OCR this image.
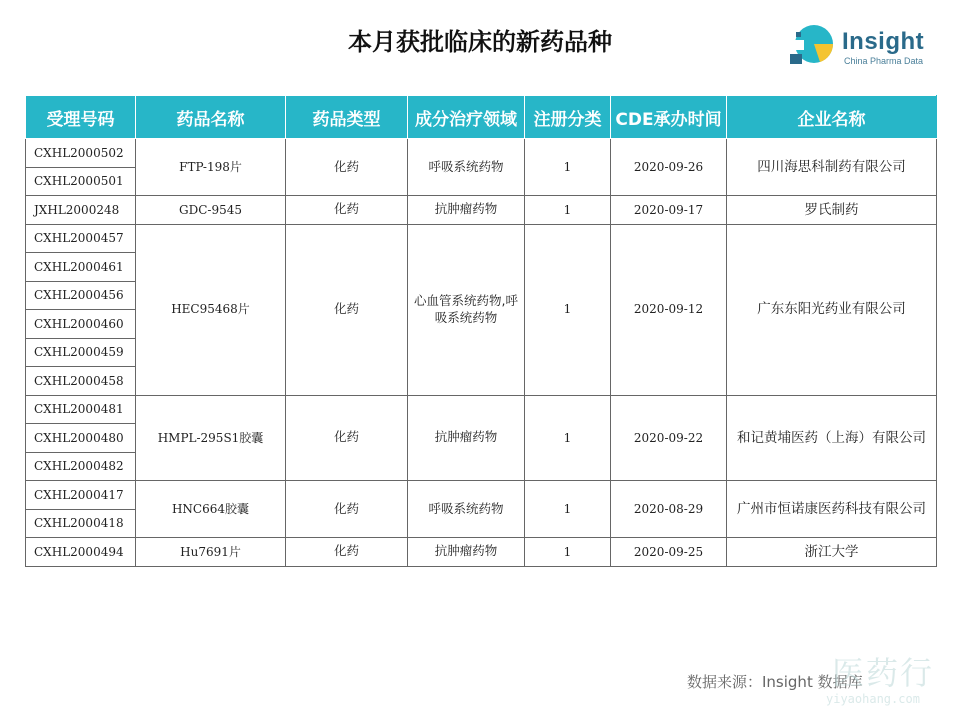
本月获批临床的新药品种	Insight
China Pharma Data
受理号码	药品名称	药品类型	成分治疗领域	注册分类	CDE承办时间	企业名称
CXHL2000502	FTP-198片	化药	呼吸系统药物	1	2020-09-26	四川海思科制药有限公司
CXHL2000501						
JXHL2000248	GDC-9545	化药	抗肿瘤药物	1	2020-09-17	罗氏制药
CXHL2000457	HEC95468片	化药	心血管系统药物,呼吸系统药物	1	2020-09-12	广东东阳光药业有限公司
CXHL2000461						
CXHL2000456						
CXHL2000460						
CXHL2000459						
CXHL2000458						
CXHL2000481	HMPL-295S1胶囊	化药	抗肿瘤药物	1	2020-09-22	和记黄埔医药（上海）有限公司
CXHL2000480						
CXHL2000482						
CXHL2000417	HNC664胶囊	化药	呼吸系统药物	1	2020-08-29	广州市恒诺康医药科技有限公司
CXHL2000418						
CXHL2000494	Hu7691片	化药	抗肿瘤药物	1	2020-09-25	浙江大学
数据来源：Insight 数据库
医药行
yiyaohang.com
